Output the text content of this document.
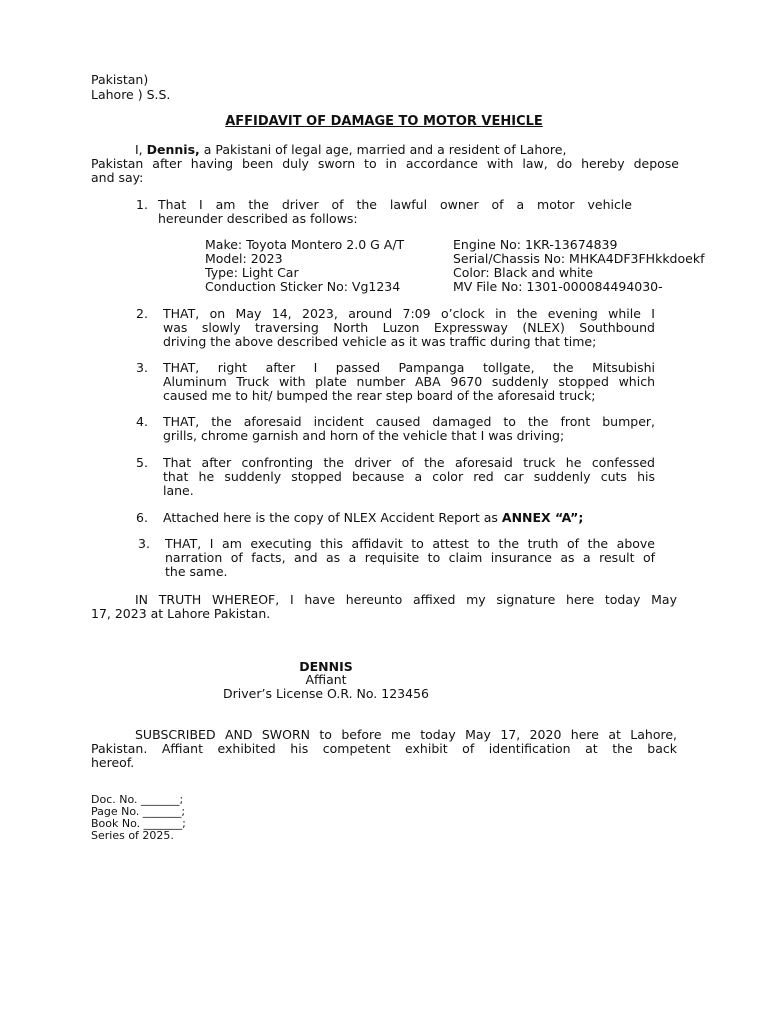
Pakistan)
Lahore ) S.S.
AFFIDAVIT OF DAMAGE TO MOTOR VEHICLE
I, Dennis, a Pakistani of legal age, married and a resident of Lahore,
Pakistan after having been duly sworn to in accordance with law, do hereby depose
and say:
1. That I am the driver of the lawful owner of a motor vehicle
hereunder described as follows:
Make: Toyota Montero 2.0 G A/T
Model: 2023
Type: Light Car
Conduction Sticker No: Vg1234
Engine No: 1KR-13674839
Serial/Chassis No: MHKA4DF3FHkkdoekf
Color: Black and white
MV File No: 1301-000084494030-
2. THAT, on May 14, 2023, around 7:09 o’clock in the evening while I
was slowly traversing North Luzon Expressway (NLEX) Southbound
driving the above described vehicle as it was traffic during that time;
3. THAT, right after I passed Pampanga tollgate, the Mitsubishi
Aluminum Truck with plate number ABA 9670 suddenly stopped which
caused me to hit/ bumped the rear step board of the aforesaid truck;
4. THAT, the aforesaid incident caused damaged to the front bumper,
grills, chrome garnish and horn of the vehicle that I was driving;
5. That after confronting the driver of the aforesaid truck he confessed
that he suddenly stopped because a color red car suddenly cuts his
lane.
6. Attached here is the copy of NLEX Accident Report as ANNEX “A”;
3. THAT, I am executing this affidavit to attest to the truth of the above
narration of facts, and as a requisite to claim insurance as a result of
the same.
IN TRUTH WHEREOF, I have hereunto affixed my signature here today May
17, 2023 at Lahore Pakistan.
DENNIS
Affiant
Driver’s License O.R. No. 123456
SUBSCRIBED AND SWORN to before me today May 17, 2020 here at Lahore,
Pakistan. Affiant exhibited his competent exhibit of identification at the back
hereof.
Doc. No. _______;
Page No. _______;
Book No. _______;
Series of 2025.
